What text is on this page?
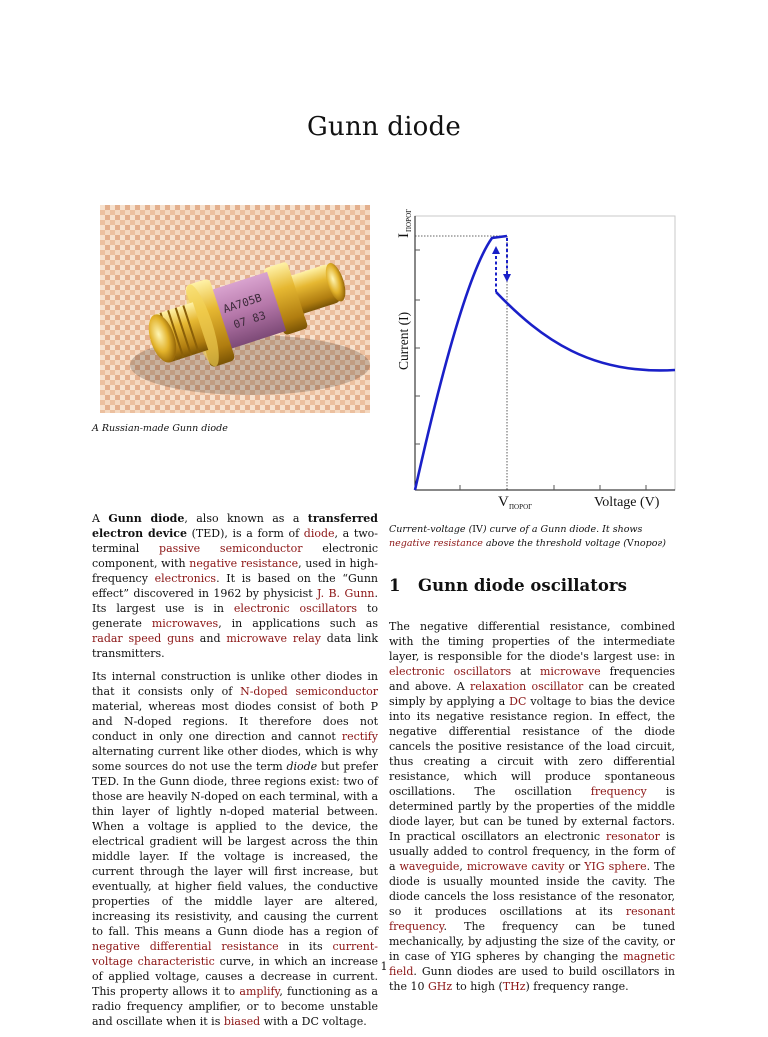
Gunn diode
AA705B
07 83
A Russian-made Gunn diode
I
ПОРОГ
Current (I)
V ПОРОГ	Voltage (V)
Current-voltage (IV) curve of a Gunn diode. It shows negative resistance above the threshold voltage (Vпорог)
1 Gunn diode oscillators

A Gunn diode, also known as a transferred electron device (TED), is a form of diode, a two-terminal passive semiconductor electronic component, with negative resistance, used in high-frequency electronics. It is based on the “Gunn effect” discovered in 1962 by physicist J. B. Gunn. Its largest use is in electronic oscillators to generate microwaves, in applications such as radar speed guns and microwave relay data link transmitters.

Its internal construction is unlike other diodes in that it consists only of N-doped semiconductor material, whereas most diodes consist of both P and N-doped regions. It therefore does not conduct in only one direction and cannot rectify alternating current like other diodes, which is why some sources do not use the term diode but prefer TED. In the Gunn diode, three regions exist: two of those are heavily N-doped on each terminal, with a thin layer of lightly n-doped material between. When a voltage is applied to the device, the electrical gradient will be largest across the thin middle layer. If the voltage is increased, the current through the layer will first increase, but eventually, at higher field values, the conductive properties of the middle layer are altered, increasing its resistivity, and causing the current to fall. This means a Gunn diode has a region of negative differential resistance in its current-voltage characteristic curve, in which an increase of applied voltage, causes a decrease in current. This property allows it to amplify, functioning as a radio frequency amplifier, or to become unstable and oscillate when it is biased with a DC voltage.

The negative differential resistance, combined with the timing properties of the intermediate layer, is responsible for the diode's largest use: in electronic oscillators at microwave frequencies and above. A relaxation oscillator can be created simply by applying a DC voltage to bias the device into its negative resistance region. In effect, the negative differential resistance of the diode cancels the positive resistance of the load circuit, thus creating a circuit with zero differential resistance, which will produce spontaneous oscillations. The oscillation frequency is determined partly by the properties of the middle diode layer, but can be tuned by external factors. In practical oscillators an electronic resonator is usually added to control frequency, in the form of a waveguide, microwave cavity or YIG sphere. The diode is usually mounted inside the cavity. The diode cancels the loss resistance of the resonator, so it produces oscillations at its resonant frequency. The frequency can be tuned mechanically, by adjusting the size of the cavity, or in case of YIG spheres by changing the magnetic field. Gunn diodes are used to build oscillators in the 10 GHz to high (THz) frequency range.

1
